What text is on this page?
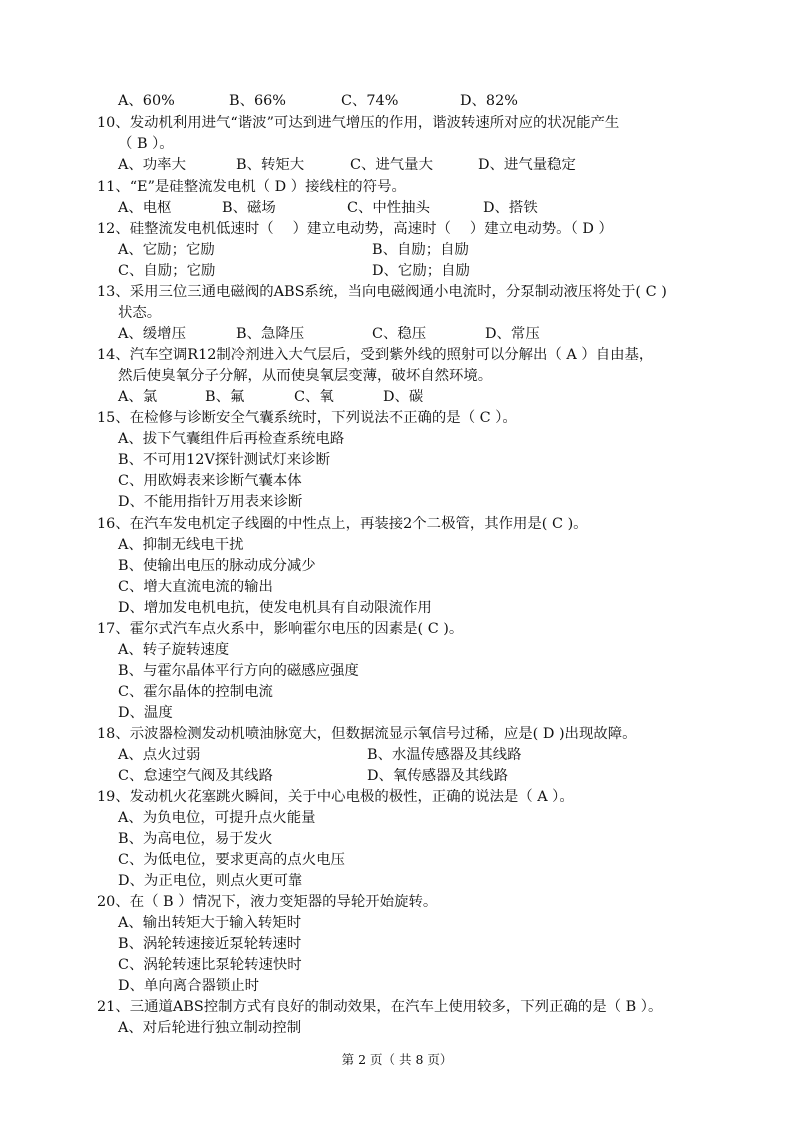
A、60%	B、66%	C、74%	D、82%
10、发动机利用进气“谐波”可达到进气增压的作用，谐波转速所对应的状况能产生
（ B ）。
A、功率大	B、转矩大	C、进气量大	D、进气量稳定
11、“E”是硅整流发电机（ D ）接线柱的符号。
A、电枢	B、磁场	C、中性抽头	D、搭铁
12、硅整流发电机低速时（　 ）建立电动势，高速时（　 ）建立电动势。（ D ）
A、它励；它励	B、自励；自励
C、自励；它励	D、它励；自励
13、采用三位三通电磁阀的ABS系统，当向电磁阀通小电流时，分泵制动液压将处于( C )
状态。
A、缓增压	B、急降压	C、稳压	D、常压
14、汽车空调R12制冷剂进入大气层后，受到紫外线的照射可以分解出（ A ）自由基，
然后使臭氧分子分解，从而使臭氧层变薄，破坏自然环境。
A、氯	B、氟	C、氧	D、碳
15、在检修与诊断安全气囊系统时，下列说法不正确的是（ C ）。
A、拔下气囊组件后再检查系统电路
B、不可用12V探针测试灯来诊断
C、用欧姆表来诊断气囊本体
D、不能用指针万用表来诊断
16、在汽车发电机定子线圈的中性点上，再装接2个二极管，其作用是( C )。
A、抑制无线电干扰
B、使输出电压的脉动成分减少
C、增大直流电流的输出
D、增加发电机电抗，使发电机具有自动限流作用
17、霍尔式汽车点火系中，影响霍尔电压的因素是( C )。
A、转子旋转速度
B、与霍尔晶体平行方向的磁感应强度
C、霍尔晶体的控制电流
D、温度
18、示波器检测发动机喷油脉宽大，但数据流显示氧信号过稀，应是( D )出现故障。
A、点火过弱	B、水温传感器及其线路
C、怠速空气阀及其线路	D、氧传感器及其线路
19、发动机火花塞跳火瞬间，关于中心电极的极性，正确的说法是（ A ）。
A、为负电位，可提升点火能量
B、为高电位，易于发火
C、为低电位，要求更高的点火电压
D、为正电位，则点火更可靠
20、在（ B ）情况下，液力变矩器的导轮开始旋转。
A、输出转矩大于输入转矩时
B、涡轮转速接近泵轮转速时
C、涡轮转速比泵轮转速快时
D、单向离合器锁止时
21、三通道ABS控制方式有良好的制动效果，在汽车上使用较多，下列正确的是（ B ）。
A、对后轮进行独立制动控制
第 2 页（ 共 8 页）
